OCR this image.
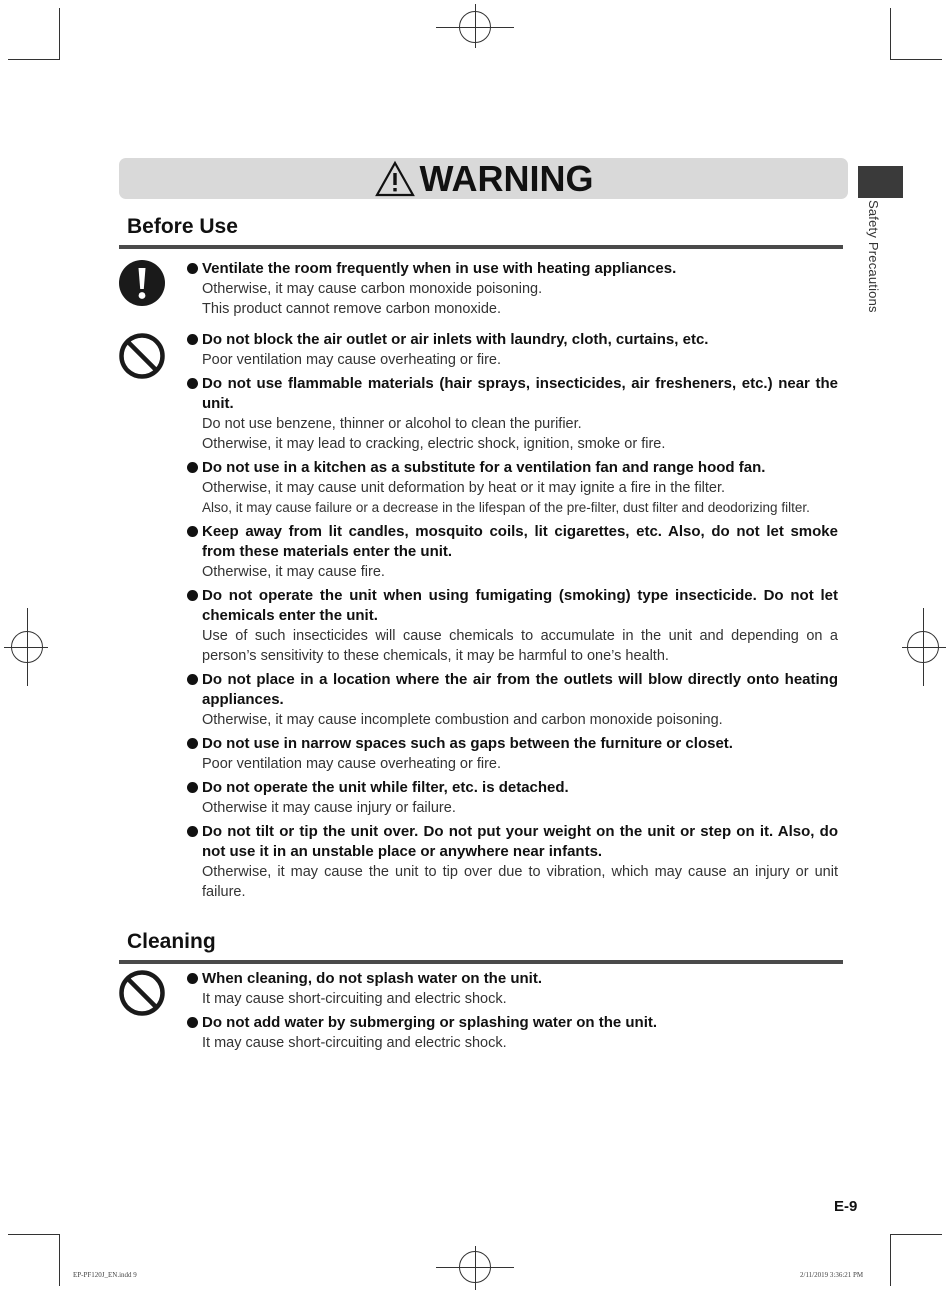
WARNING
Safety Precautions
Before Use
Ventilate the room frequently when in use with heating appliances.
Otherwise, it may cause carbon monoxide poisoning.
This product cannot remove carbon monoxide.
Do not block the air outlet or air inlets with laundry, cloth, curtains, etc.
Poor ventilation may cause overheating or fire.
Do not use flammable materials (hair sprays, insecticides, air fresheners, etc.) near the unit.
Do not use benzene, thinner or alcohol to clean the purifier.
Otherwise, it may lead to cracking, electric shock, ignition, smoke or fire.
Do not use in a kitchen as a substitute for a ventilation fan and range hood fan.
Otherwise, it may cause unit deformation by heat or it may ignite a fire in the filter.
Also, it may cause failure or a decrease in the lifespan of the pre-filter, dust filter and deodorizing filter.
Keep away from lit candles, mosquito coils, lit cigarettes, etc. Also, do not let smoke from these materials enter the unit.
Otherwise, it may cause fire.
Do not operate the unit when using fumigating (smoking) type insecticide. Do not let chemicals enter the unit.
Use of such insecticides will cause chemicals to accumulate in the unit and depending on a person’s sensitivity to these chemicals, it may be harmful to one’s health.
Do not place in a location where the air from the outlets will blow directly onto heating appliances.
Otherwise, it may cause incomplete combustion and carbon monoxide poisoning.
Do not use in narrow spaces such as gaps between the furniture or closet.
Poor ventilation may cause overheating or fire.
Do not operate the unit while filter, etc. is detached.
Otherwise it may cause injury or failure.
Do not tilt or tip the unit over. Do not put your weight on the unit or step on it. Also, do not use it in an unstable place or anywhere near infants.
Otherwise, it may cause the unit to tip over due to vibration, which may cause an injury or unit failure.
Cleaning
When cleaning, do not splash water on the unit.
It may cause short-circuiting and electric shock.
Do not add water by submerging or splashing water on the unit.
It may cause short-circuiting and electric shock.
E-9
EP-PF120J_EN.indd 9	2/11/2019 3:36:21 PM
